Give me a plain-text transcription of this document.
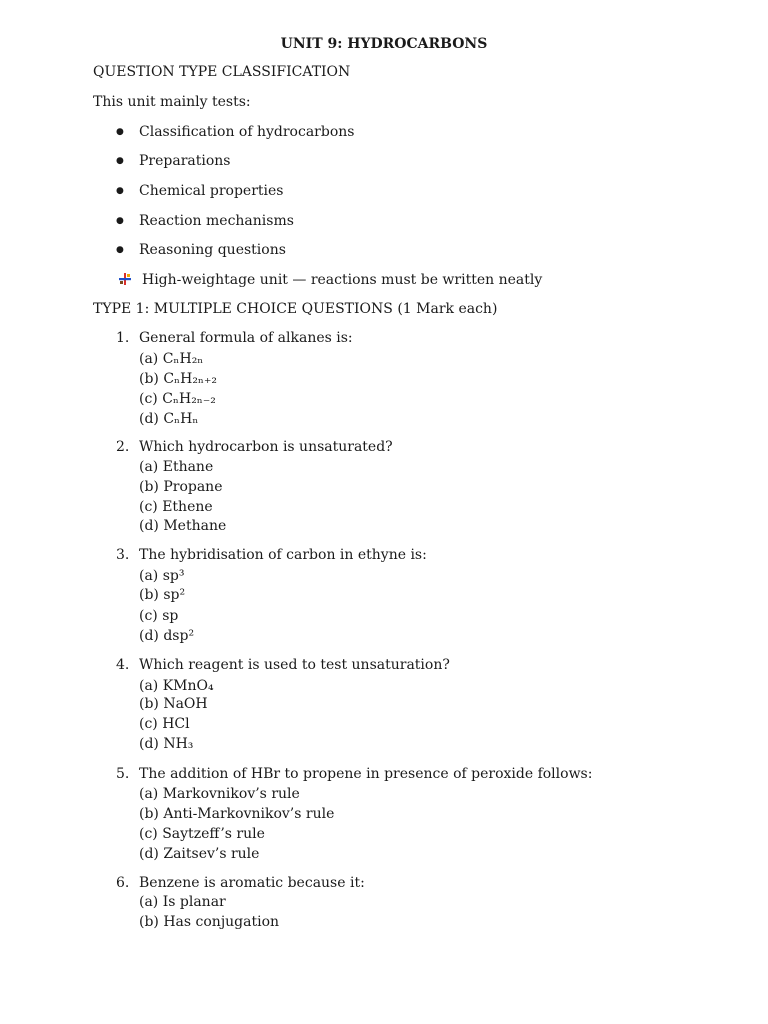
UNIT 9: HYDROCARBONS
QUESTION TYPE CLASSIFICATION
This unit mainly tests:
● Classification of hydrocarbons
● Preparations
● Chemical properties
● Reaction mechanisms
● Reasoning questions
High-weightage unit — reactions must be written neatly
TYPE 1: MULTIPLE CHOICE QUESTIONS (1 Mark each)
1. General formula of alkanes is:
(a) CₙH₂ₙ
(b) CₙH₂ₙ₊₂
(c) CₙH₂ₙ₋₂
(d) CₙHₙ
2. Which hydrocarbon is unsaturated?
(a) Ethane
(b) Propane
(c) Ethene
(d) Methane
3. The hybridisation of carbon in ethyne is:
(a) sp³
(b) sp²
(c) sp
(d) dsp²
4. Which reagent is used to test unsaturation?
(a) KMnO₄
(b) NaOH
(c) HCl
(d) NH₃
5. The addition of HBr to propene in presence of peroxide follows:
(a) Markovnikov’s rule
(b) Anti-Markovnikov’s rule
(c) Saytzeff’s rule
(d) Zaitsev’s rule
6. Benzene is aromatic because it:
(a) Is planar
(b) Has conjugation
